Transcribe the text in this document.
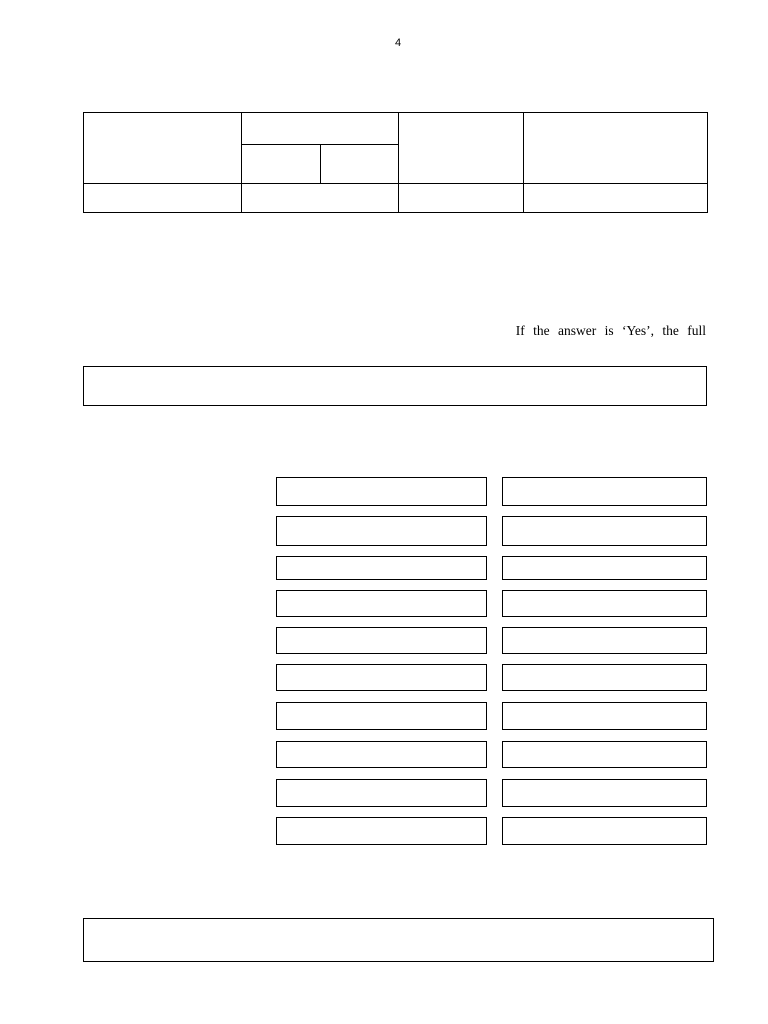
4

If the answer is ‘Yes’, the full
